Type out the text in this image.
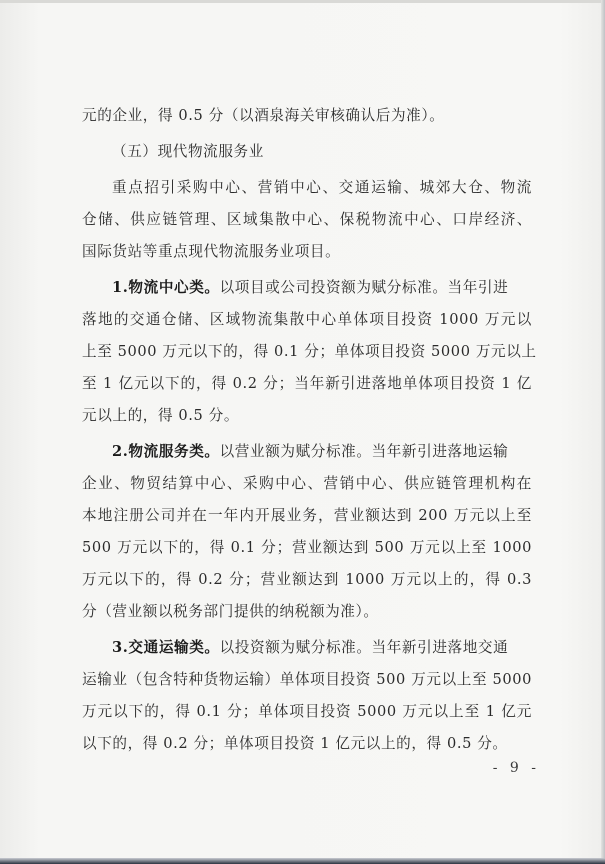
元的企业，得 0.5 分（以酒泉海关审核确认后为准）。
（五）现代物流服务业
重点招引采购中心、营销中心、交通运输、城郊大仓、物流
仓储、供应链管理、区域集散中心、保税物流中心、口岸经济、
国际货站等重点现代物流服务业项目。
1.物流中心类。以项目或公司投资额为赋分标准。当年引进
落地的交通仓储、区域物流集散中心单体项目投资 1000 万元以
上至 5000 万元以下的，得 0.1 分；单体项目投资 5000 万元以上
至 1 亿元以下的，得 0.2 分；当年新引进落地单体项目投资 1 亿
元以上的，得 0.5 分。
2.物流服务类。以营业额为赋分标准。当年新引进落地运输
企业、物贸结算中心、采购中心、营销中心、供应链管理机构在
本地注册公司并在一年内开展业务，营业额达到 200 万元以上至
500 万元以下的，得 0.1 分；营业额达到 500 万元以上至 1000
万元以下的，得 0.2 分；营业额达到 1000 万元以上的，得 0.3
分（营业额以税务部门提供的纳税额为准）。
3.交通运输类。以投资额为赋分标准。当年新引进落地交通
运输业（包含特种货物运输）单体项目投资 500 万元以上至 5000
万元以下的，得 0.1 分；单体项目投资 5000 万元以上至 1 亿元
以下的，得 0.2 分；单体项目投资 1 亿元以上的，得 0.5 分。
- 9 -
